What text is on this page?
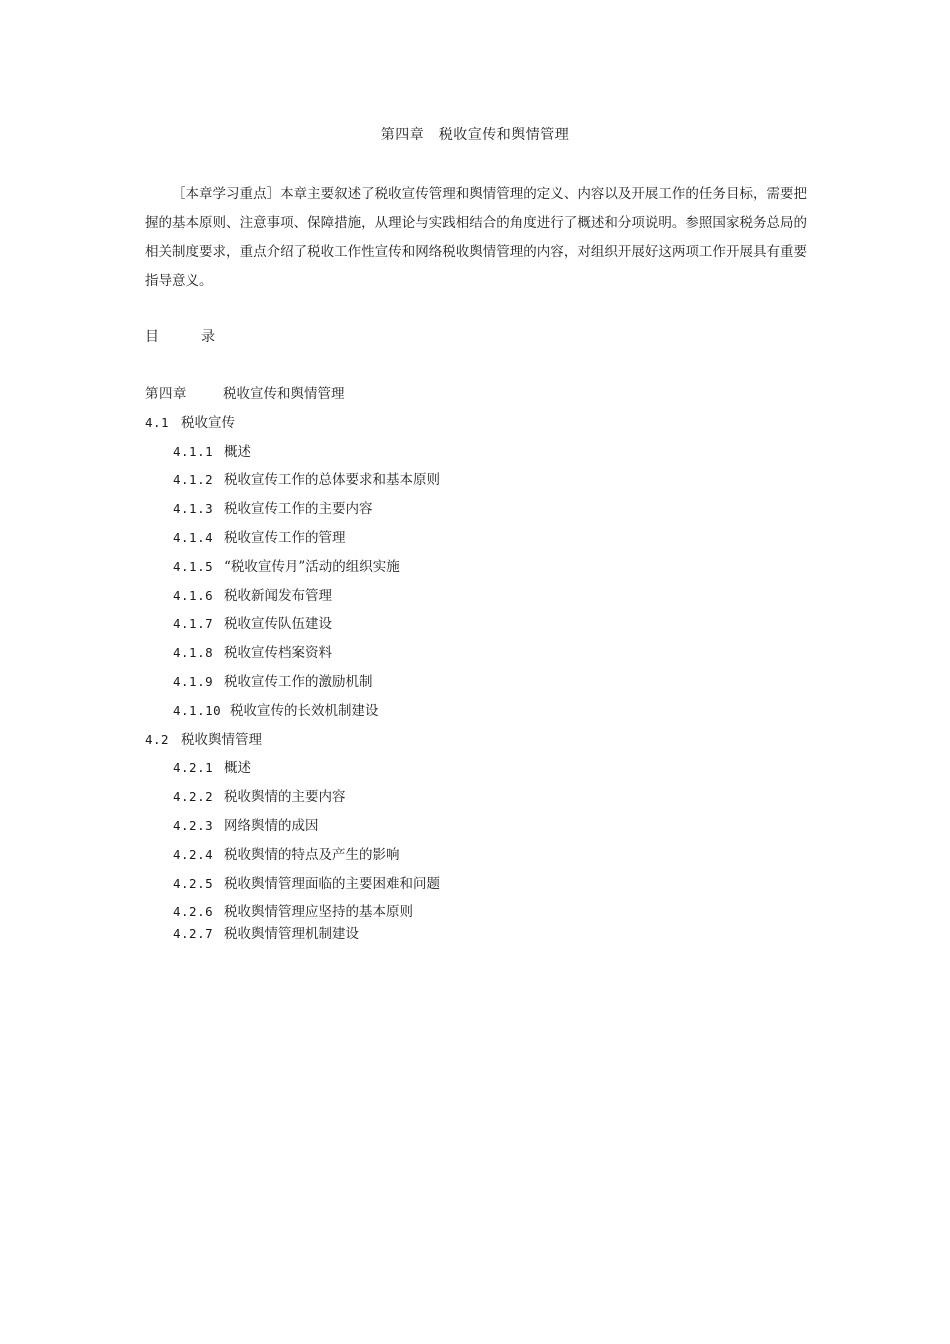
第四章　税收宣传和舆情管理

［本章学习重点］本章主要叙述了税收宣传管理和舆情管理的定义、内容以及开展工作的任务目标，需要把握的基本原则、注意事项、保障措施，从理论与实践相结合的角度进行了概述和分项说明。参照国家税务总局的相关制度要求，重点介绍了税收工作性宣传和网络税收舆情管理的内容，对组织开展好这两项工作开展具有重要指导意义。

目	录
第四章	税收宣传和舆情管理
4.1 税收宣传
4.1.1 概述
4.1.2 税收宣传工作的总体要求和基本原则
4.1.3 税收宣传工作的主要内容
4.1.4 税收宣传工作的管理
4.1.5 “税收宣传月”活动的组织实施
4.1.6 税收新闻发布管理
4.1.7 税收宣传队伍建设
4.1.8 税收宣传档案资料
4.1.9 税收宣传工作的激励机制
4.1.10 税收宣传的长效机制建设
4.2 税收舆情管理
4.2.1 概述
4.2.2 税收舆情的主要内容
4.2.3 网络舆情的成因
4.2.4 税收舆情的特点及产生的影响
4.2.5 税收舆情管理面临的主要困难和问题
4.2.6 税收舆情管理应坚持的基本原则
4.2.7 税收舆情管理机制建设
